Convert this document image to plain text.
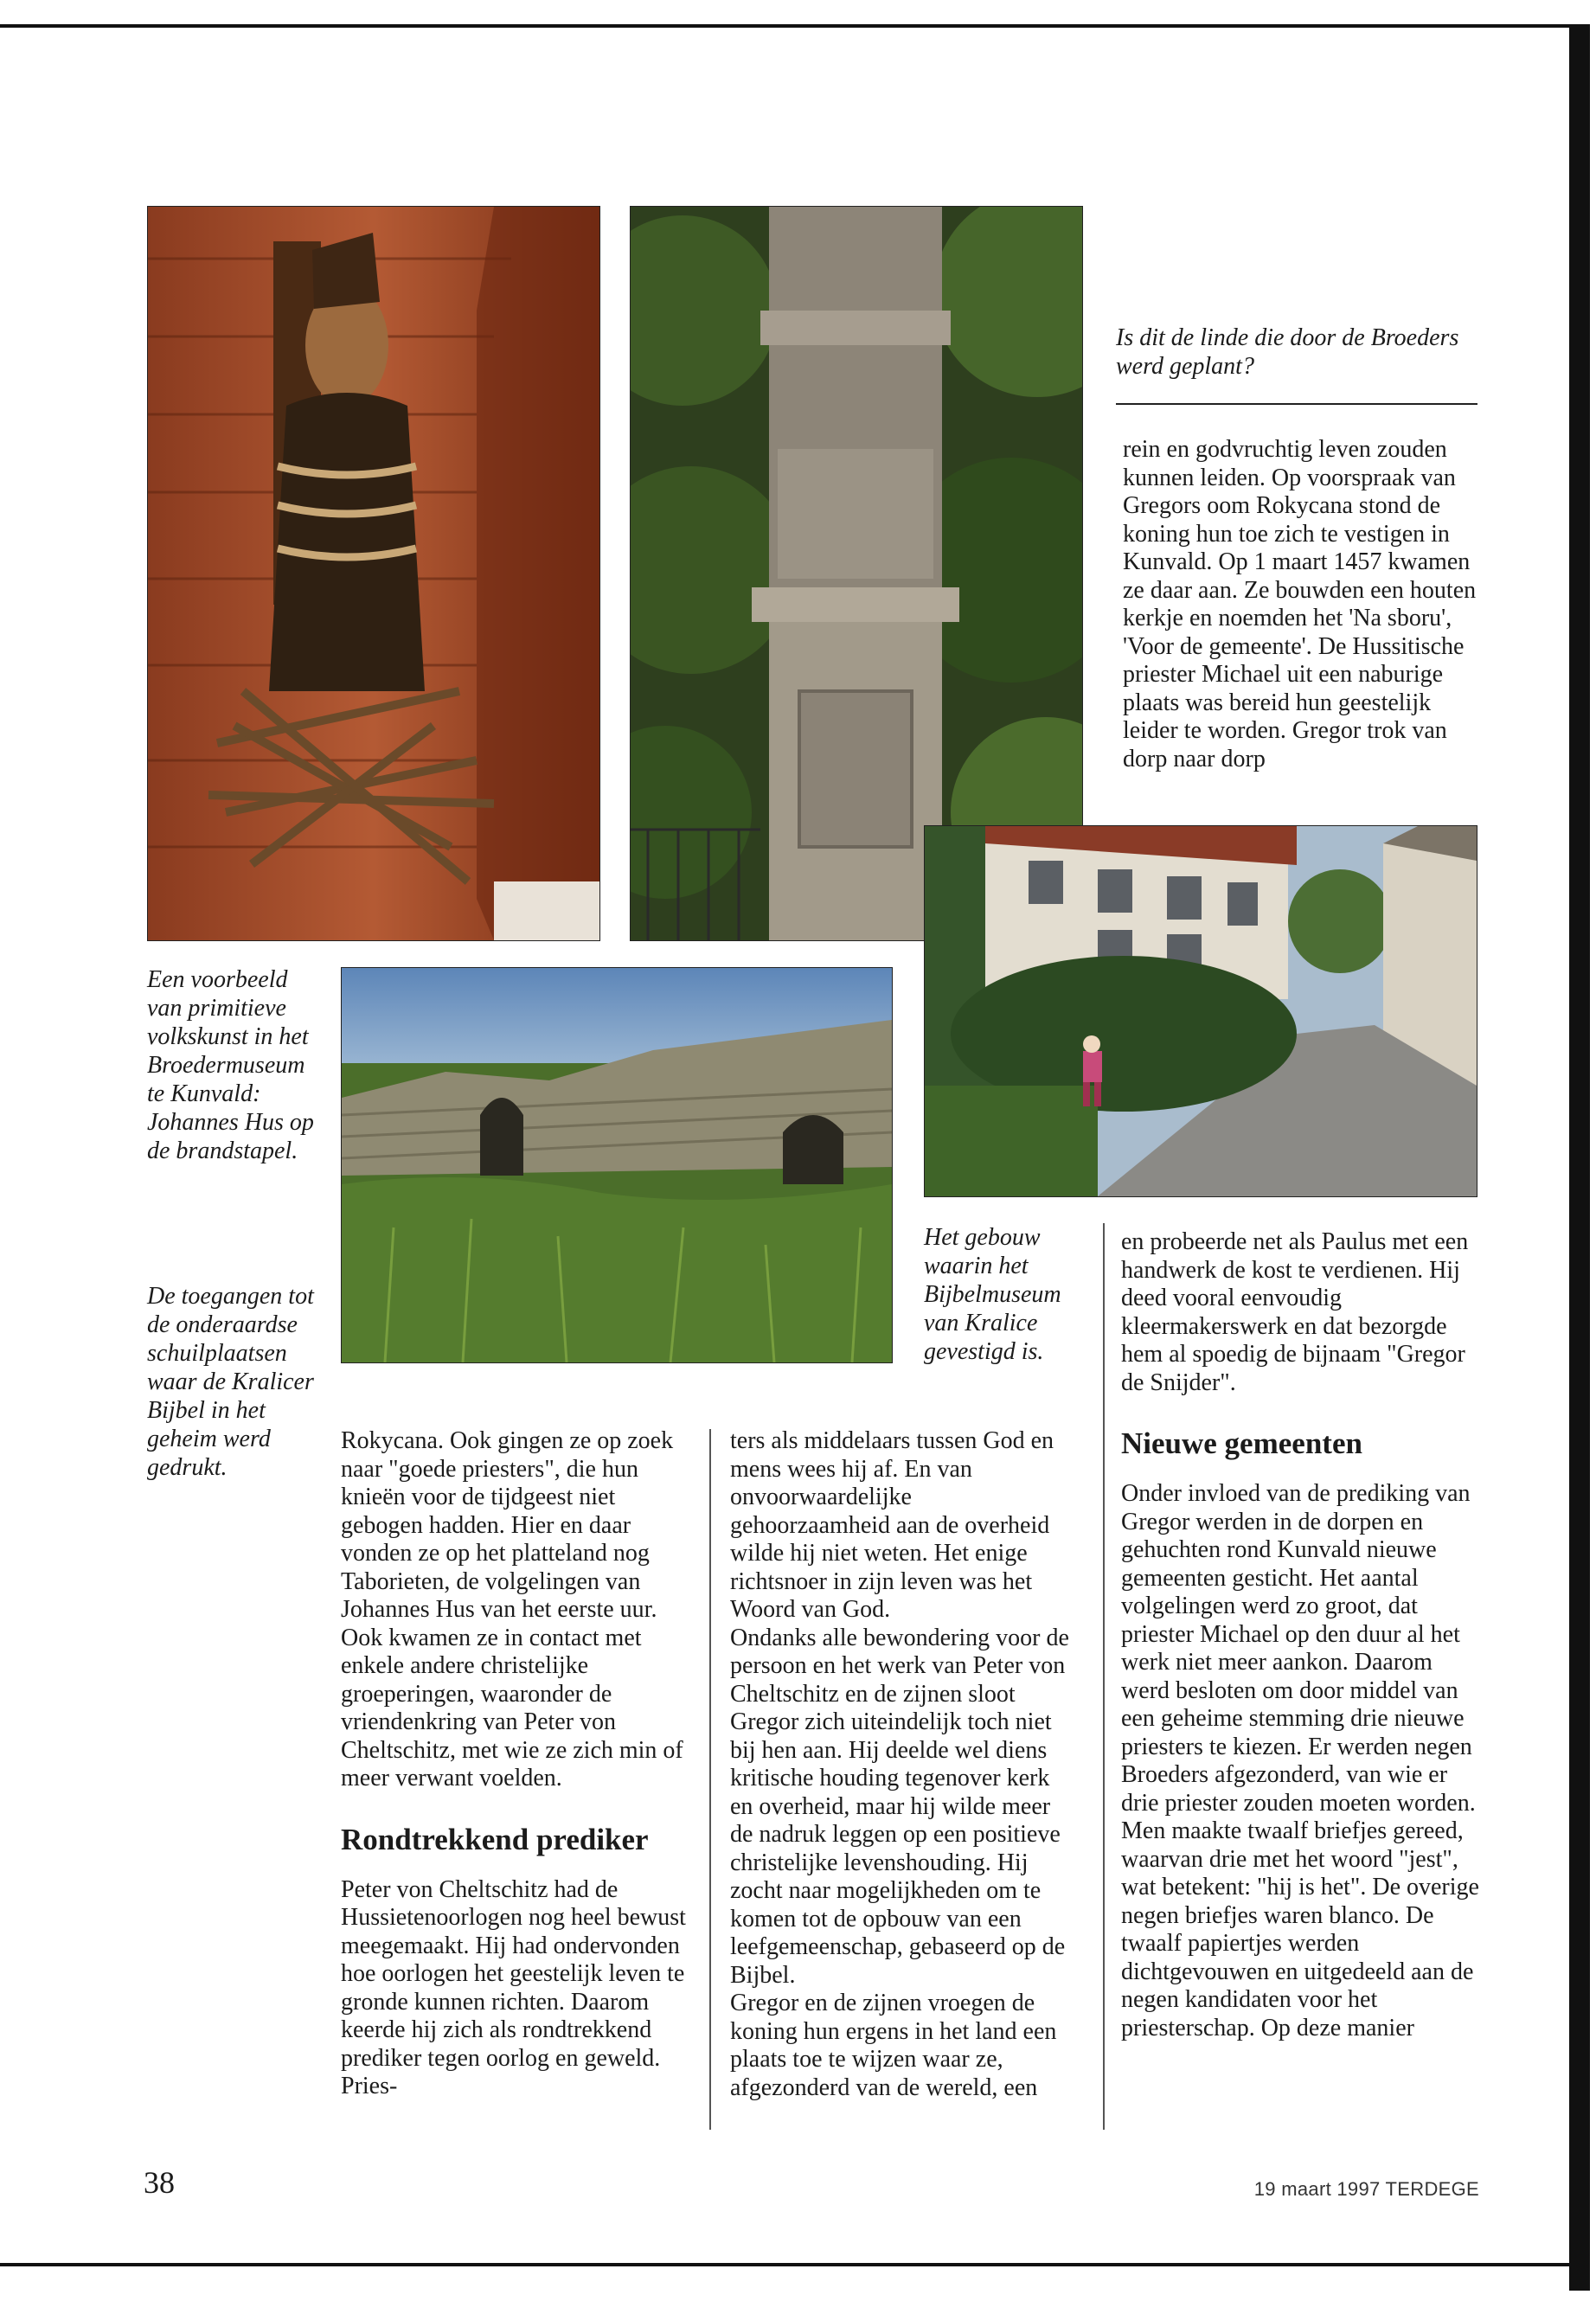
Is dit de linde die door de Broeders werd geplant?

rein en godvruchtig leven zouden kunnen leiden. Op voorspraak van Gregors oom Rokycana stond de koning hun toe zich te vestigen in Kunvald. Op 1 maart 1457 kwamen ze daar aan. Ze bouwden een houten kerkje en noemden het 'Na sboru', 'Voor de gemeente'. De Hussitische priester Michael uit een naburige plaats was bereid hun geestelijk leider te worden. Gregor trok van dorp naar dorp

Een voorbeeld van primitieve volkskunst in het Broedermuseum te Kunvald: Johannes Hus op de brandstapel.

De toegangen tot de onderaardse schuilplaatsen waar de Kralicer Bijbel in het geheim werd gedrukt.

Het gebouw waarin het Bijbelmuseum van Kralice gevestigd is.

Rokycana. Ook gingen ze op zoek naar "goede priesters", die hun knieën voor de tijdgeest niet gebogen hadden. Hier en daar vonden ze op het platteland nog Taborieten, de volgelingen van Johannes Hus van het eerste uur. Ook kwamen ze in contact met enkele andere christelijke groeperingen, waaronder de vriendenkring van Peter von Cheltschitz, met wie ze zich min of meer verwant voelden.

Rondtrekkend prediker

Peter von Cheltschitz had de Hussietenoorlogen nog heel bewust meegemaakt. Hij had ondervonden hoe oorlogen het geestelijk leven te gronde kunnen richten. Daarom keerde hij zich als rondtrekkend prediker tegen oorlog en geweld. Pries-

ters als middelaars tussen God en mens wees hij af. En van onvoorwaardelijke gehoorzaamheid aan de overheid wilde hij niet weten. Het enige richtsnoer in zijn leven was het Woord van God.

Ondanks alle bewondering voor de persoon en het werk van Peter von Cheltschitz en de zijnen sloot Gregor zich uiteindelijk toch niet bij hen aan. Hij deelde wel diens kritische houding tegenover kerk en overheid, maar hij wilde meer de nadruk leggen op een positieve christelijke levenshouding. Hij zocht naar mogelijkheden om te komen tot de opbouw van een leefgemeenschap, gebaseerd op de Bijbel.

Gregor en de zijnen vroegen de koning hun ergens in het land een plaats toe te wijzen waar ze, afgezonderd van de wereld, een

en probeerde net als Paulus met een handwerk de kost te verdienen. Hij deed vooral eenvoudig kleermakerswerk en dat bezorgde hem al spoedig de bijnaam "Gregor de Snijder".

Nieuwe gemeenten

Onder invloed van de prediking van Gregor werden in de dorpen en gehuchten rond Kunvald nieuwe gemeenten gesticht. Het aantal volgelingen werd zo groot, dat priester Michael op den duur al het werk niet meer aankon. Daarom werd besloten om door middel van een geheime stemming drie nieuwe priesters te kiezen. Er werden negen Broeders afgezonderd, van wie er drie priester zouden moeten worden. Men maakte twaalf briefjes gereed, waarvan drie met het woord "jest", wat betekent: "hij is het". De overige negen briefjes waren blanco. De twaalf papiertjes werden dichtgevouwen en uitgedeeld aan de negen kandidaten voor het priesterschap. Op deze manier

38	19 maart 1997 TERDEGE
